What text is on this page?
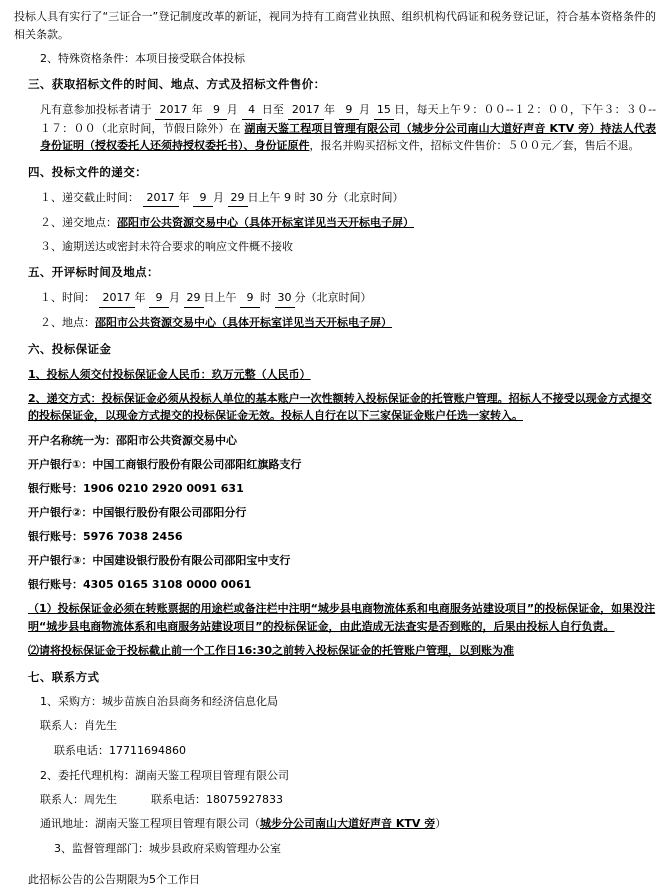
投标人具有实行了“三证合一”登记制度改革的新证，视同为持有工商营业执照、组织机构代码证和税务登记证，符合基本资格条件的相关条款。

2、特殊资格条件：本项目接受联合体投标

三、获取招标文件的时间、地点、方式及招标文件售价：

凡有意参加投标者请于 2017 年 9 月 4 日至 2017 年 9 月 15 日，每天上午９：００--１２：００，下午３：３０--１７：００（北京时间，节假日除外）在 湖南天鉴工程项目管理有限公司（城步分公司南山大道好声音 KTV 旁）持法人代表身份证明（授权委托人还须持授权委托书）、身份证原件，报名并购买招标文件，招标文件售价：５００元／套，售后不退。

四、投标文件的递交：

１、递交截止时间： 2017 年 9 月 29 日上午 9 时 30 分（北京时间）

２、递交地点：邵阳市公共资源交易中心（具体开标室详见当天开标电子屏）

３、逾期送达或密封未符合要求的响应文件概不接收

五、开评标时间及地点：

１、时间： 2017 年 9 月 29 日上午 9 时 30 分（北京时间）

２、地点：邵阳市公共资源交易中心（具体开标室详见当天开标电子屏）

六、投标保证金

1、投标人须交付投标保证金人民币：玖万元整（人民币）

2、递交方式：投标保证金必须从投标人单位的基本账户一次性额转入投标保证金的托管账户管理。招标人不接受以现金方式提交的投标保证金，以现金方式提交的投标保证金无效。投标人自行在以下三家保证金账户任选一家转入。

开户名称统一为：邵阳市公共资源交易中心

开户银行①：中国工商银行股份有限公司邵阳红旗路支行

银行账号：1906 0210 2920 0091 631

开户银行②：中国银行股份有限公司邵阳分行

银行账号：5976 7038 2456

开户银行③：中国建设银行股份有限公司邵阳宝中支行

银行账号：4305 0165 3108 0000 0061

（1）投标保证金必须在转账票据的用途栏或备注栏中注明“城步县电商物流体系和电商服务站建设项目”的投标保证金，如果没注明“城步县电商物流体系和电商服务站建设项目”的投标保证金，由此造成无法查实是否到账的，后果由投标人自行负责。

⑵请将投标保证金于投标截止前一个工作日16:30之前转入投标保证金的托管账户管理，以到账为准

七、联系方式

1、采购方：城步苗族自治县商务和经济信息化局

联系人：肖先生

联系电话：17711694860

2、委托代理机构：湖南天鉴工程项目管理有限公司

联系人：周先生	联系电话：18075927833

通讯地址：湖南天鉴工程项目管理有限公司（城步分公司南山大道好声音 KTV 旁）

3、监督管理部门：城步县政府采购管理办公室

此招标公告的公告期限为5个工作日
